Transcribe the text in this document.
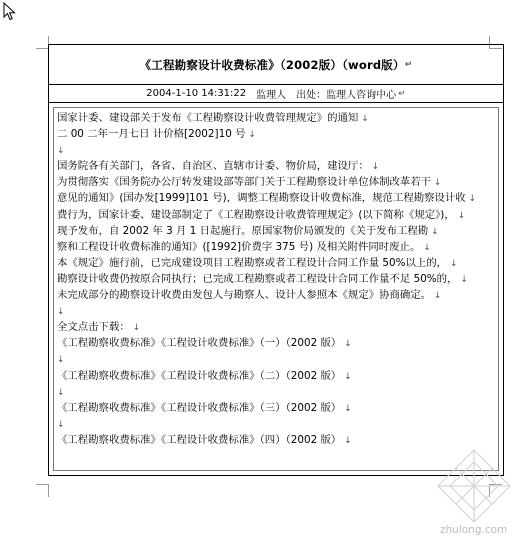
《工程勘察设计收费标准》（2002版）（word版） ↵
2004-1-10 14:31:22 监理人 出处：监理人咨询中心 ↵
国家计委、建设部关于发布《工程勘察设计收费管理规定》的通知 ↓
二 00 二年一月七日 计价格[2002]10 号 ↓
↓
国务院各有关部门，各省、自治区、直辖市计委、物价局，建设厅： ↓
为贯彻落实《国务院办公厅转发建设部等部门关于工程勘察设计单位体制改革若干 ↓
意见的通知》(国办发[1999]101 号)，调整工程勘察设计收费标准，规范工程勘察设计收 ↓
费行为，国家计委、建设部制定了《工程勘察设计收费管理规定》(以下简称《规定》)， ↓
现予发布，自 2002 年 3 月 1 日起施行。原国家物价局颁发的《关于发布工程勘 ↓
察和工程设计收费标准的通知》([1992]价费字 375 号) 及相关附件同时废止。 ↓
本《规定》施行前，已完成建设项目工程勘察或者工程设计合同工作量 50%以上的， ↓
勘察设计收费仍按原合同执行；已完成工程勘察或者工程设计合同工作量不足 50%的， ↓
未完成部分的勘察设计收费由发包人与勘察人、设计人参照本《规定》协商确定。 ↓
↓
全文点击下载： ↓
《工程勘察收费标准》《工程设计收费标准》（一）（2002 版） ↓
↓
《工程勘察收费标准》《工程设计收费标准》（二）（2002 版） ↓
↓
《工程勘察收费标准》《工程设计收费标准》（三）（2002 版） ↓
↓
《工程勘察收费标准》《工程设计收费标准》（四）（2002 版） ↓
zhulong.com
